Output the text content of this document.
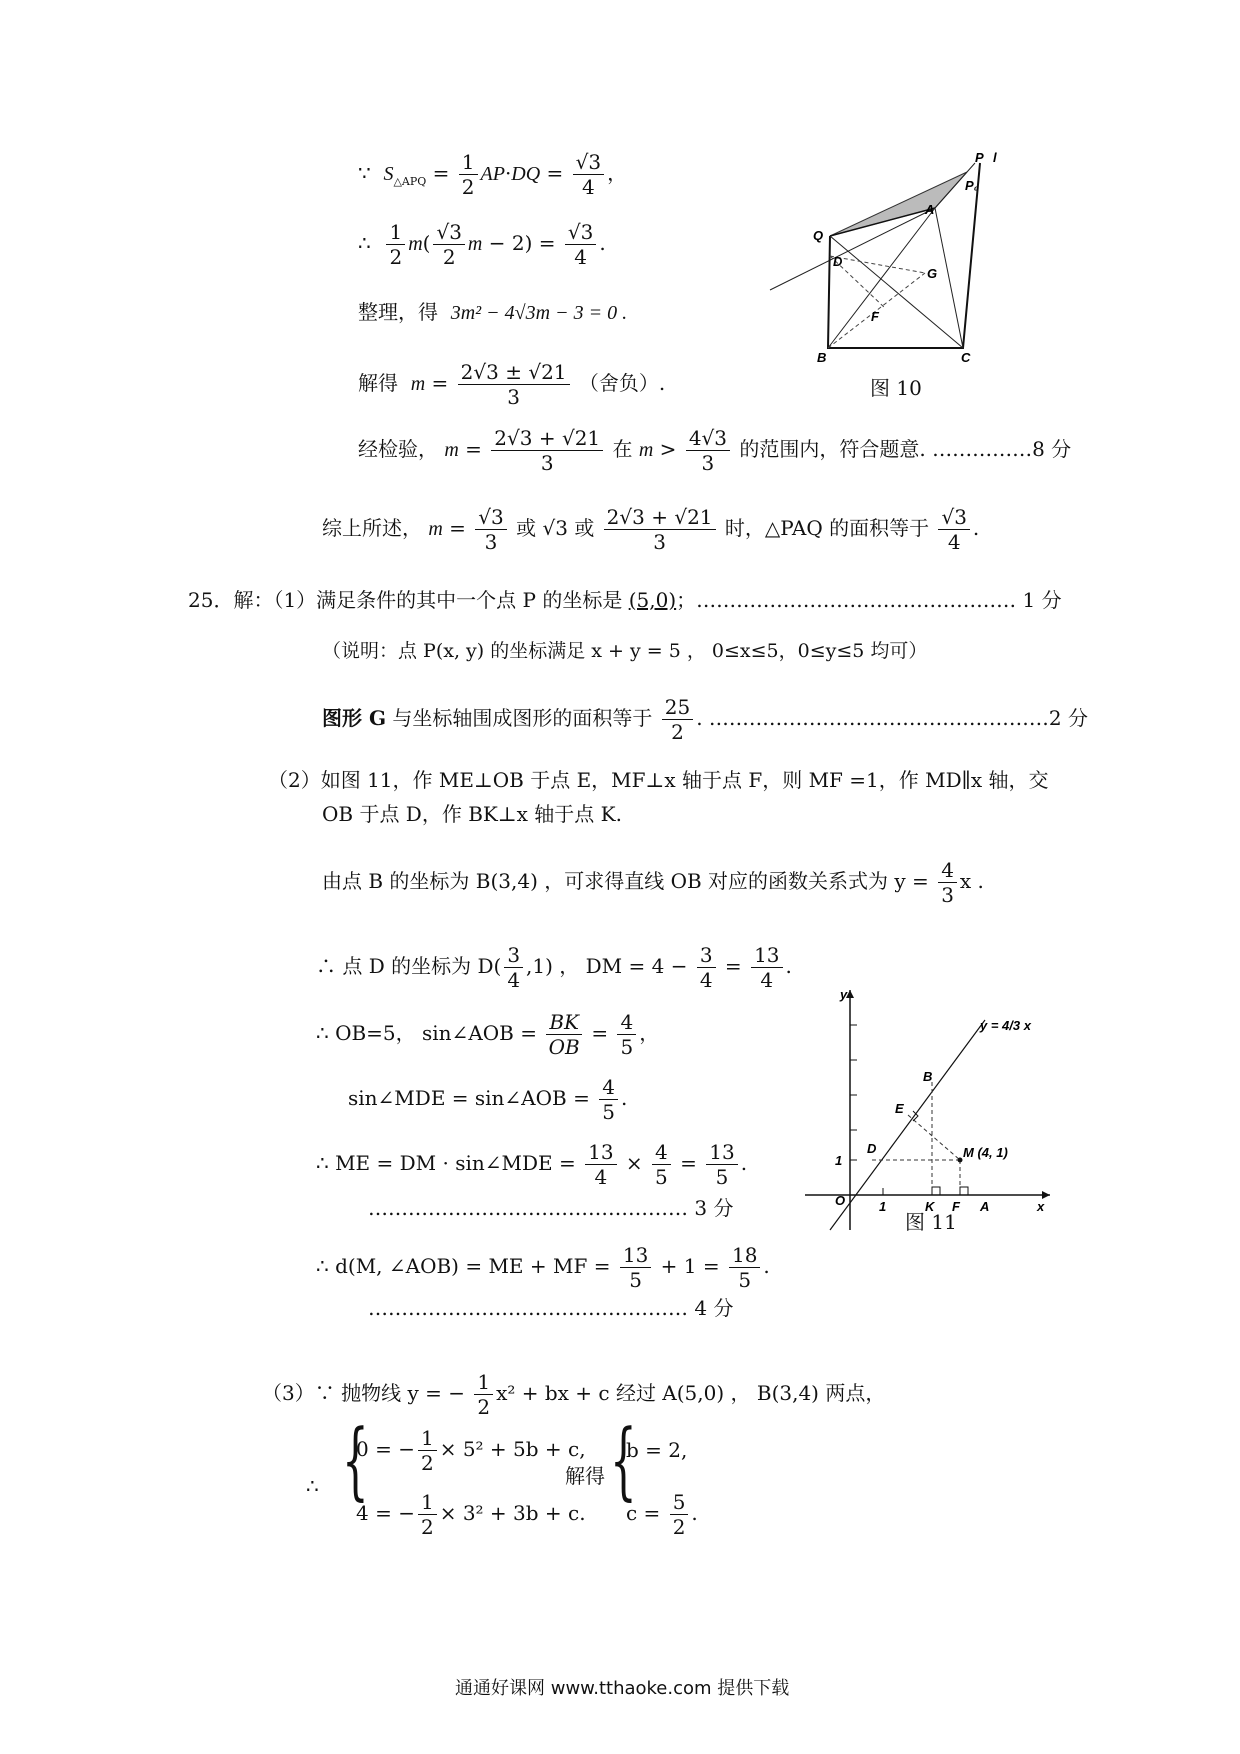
∵ $S_{\triangle APQ} = \frac{1}{2} AP\cdot DQ = \frac{√3}{4}$ ，
∴ $\frac{1}{2} m( \frac{√3}{2}$ $m - 2) = \frac{√3}{4}$ .
整理，得 3m² − 4√3m − 3 = 0 .
解得 $m = \frac{2√3 \pm √21}{3}$ （舍负）.
经检验， $m = \frac{2√3 + √21}{3}$ 在 $m > \frac{4√3}{3}$ 的范围内，符合题意. ……………8 分
综上所述， $m = \frac{√3}{3}$ 或 √3 或 $\frac{2√3 + √21}{3}$ 时，△PAQ 的面积等于 $\frac{√3}{4}$ .
Q
D
A
G
F
B	C
P l
P₀
图 10
25．解：（1）满足条件的其中一个点 P 的坐标是 (5,0)；………………………………………… 1 分
（说明：点 P(x, y) 的坐标满足 x + y = 5 ， 0≤x≤5，0≤y≤5 均可）
图形 G 与坐标轴围成图形的面积等于 $\frac{25}{2}$ . ……………………………………………2 分
（2）如图 11，作 ME⊥OB 于点 E，MF⊥x 轴于点 F，则 MF =1，作 MD∥x 轴，交
OB 于点 D，作 BK⊥x 轴于点 K.
由点 B 的坐标为 B(3,4) ，可求得直线 OB 对应的函数关系式为 $y = \frac{4}{3}$ x .
∴ 点 D 的坐标为 $D( \frac{3}{4} ,1)$ ， DM = $4 - \frac{3}{4} = \frac{13}{4}$ .
∴ OB=5， sin∠AOB = $\frac{BK}{OB} = \frac{4}{5}$ ，
sin∠MDE = sin∠AOB = $\frac{4}{5}$ .
∴ ME = DM · sin∠MDE = $\frac{13}{4} \times \frac{4}{5} = \frac{13}{5}$ .
………………………………………… 3 分
∴ d(M, ∠AOB) = ME + MF = $\frac{13}{5} + 1 = \frac{18}{5}$ .
………………………………………… 4 分
y
O	1
1
K F A	x
D
E
B
M (4, 1)
y = 4/3 x
图 11
（3）∵ 抛物线 y = − $\frac{1}{2} x^2$ + bx + c 经过 A(5,0) ， B(3,4) 两点，
∴ {
0 = − $\frac{1}{2} \times 5^2 + 5b + c$,
4 = − $\frac{1}{2} \times 3^2 + 3b + c$.
解得 {
b = 2,
$c = \frac{5}{2}$ .
通通好课网 www.tthaoke.com 提供下载
